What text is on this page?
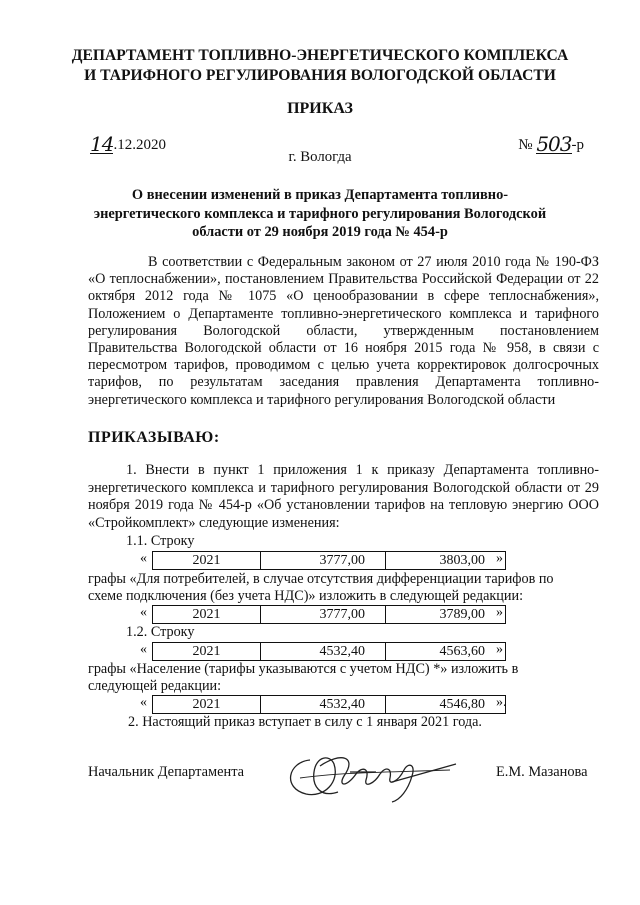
ДЕПАРТАМЕНТ ТОПЛИВНО-ЭНЕРГЕТИЧЕСКОГО КОМПЛЕКСА
И ТАРИФНОГО РЕГУЛИРОВАНИЯ ВОЛОГОДСКОЙ ОБЛАСТИ
ПРИКАЗ
14.12.2020	№ 503-р
г. Вологда
О внесении изменений в приказ Департамента топливно-
энергетического комплекса и тарифного регулирования Вологодской
области от 29 ноября 2019 года № 454-р
В соответствии с Федеральным законом от 27 июля 2010 года № 190-ФЗ «О теплоснабжении», постановлением Правительства Российской Федерации от 22 октября 2012 года № 1075 «О ценообразовании в сфере теплоснабжения», Положением о Департаменте топливно-энергетического комплекса и тарифного регулирования Вологодской области, утвержденным постановлением Правительства Вологодской области от 16 ноября 2015 года № 958, в связи с пересмотром тарифов, проводимом с целью учета корректировок долгосрочных тарифов, по результатам заседания правления Департамента топливно-энергетического комплекса и тарифного регулирования Вологодской области
ПРИКАЗЫВАЮ:
1. Внести в пункт 1 приложения 1 к приказу Департамента топливно-энергетического комплекса и тарифного регулирования Вологодской области от 29 ноября 2019 года № 454-р «Об установлении тарифов на тепловую энергию ООО «Стройкомплект» следующие изменения:
1.1. Строку
«	2021	3777,00	3803,00 »
графы «Для потребителей, в случае отсутствия дифференциации тарифов по
схеме подключения (без учета НДС)» изложить в следующей редакции:
«	2021	3777,00	3789,00 »
1.2. Строку
«	2021	4532,40	4563,60 »
графы «Население (тарифы указываются с учетом НДС) *» изложить в
следующей редакции:
«	2021	4532,40	4546,80 ».
2. Настоящий приказ вступает в силу с 1 января 2021 года.
Начальник Департамента	Е.М. Мазанова
